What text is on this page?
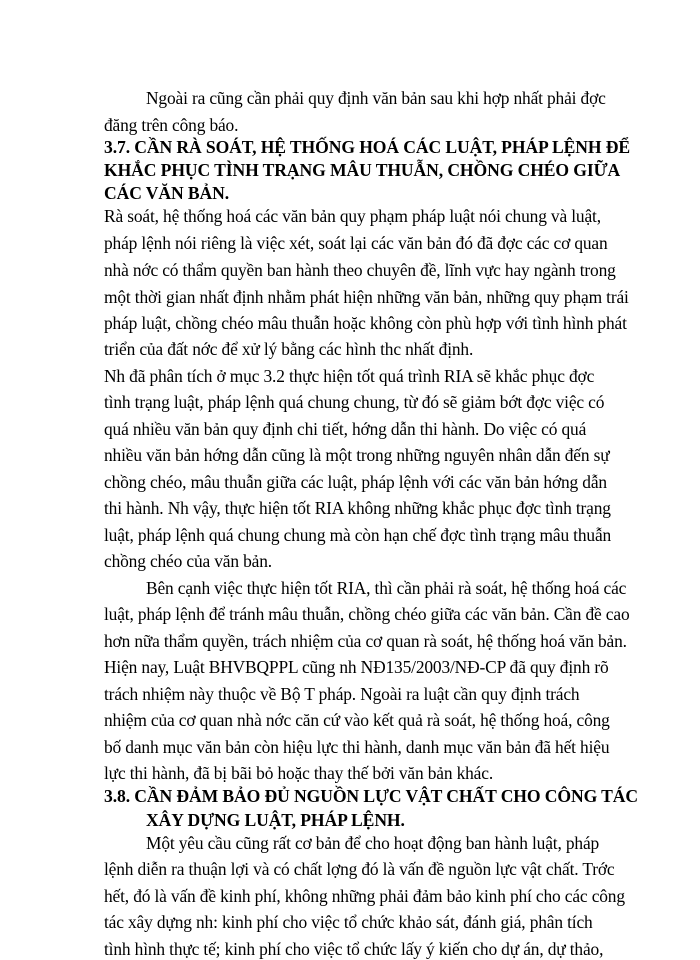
Ngoài ra cũng cần phải quy định văn bản sau khi hợp nhất phải đợc
đăng trên công báo.
3.7. CẦN RÀ SOÁT, HỆ THỐNG HOÁ CÁC LUẬT, PHÁP LỆNH ĐỂ
KHẮC PHỤC TÌNH TRẠNG MÂU THUẪN, CHỒNG CHÉO GIỮA
CÁC VĂN BẢN.
Rà soát, hệ thống hoá các văn bản quy phạm pháp luật nói chung và luật,
pháp lệnh nói riêng là việc xét, soát lại các văn bản đó đã đợc các cơ quan
nhà nớc có thẩm quyền ban hành theo chuyên đề, lĩnh vực hay ngành trong
một thời gian nhất định nhằm phát hiện những văn bản, những quy phạm trái
pháp luật, chồng chéo mâu thuẫn hoặc không còn phù hợp với tình hình phát
triển của đất nớc để xử lý bằng các hình thc nhất định.
Nh đã phân tích ở mục 3.2 thực hiện tốt quá trình RIA sẽ khắc phục đợc
tình trạng luật, pháp lệnh quá chung chung, từ đó sẽ giảm bớt đợc việc có
quá nhiều văn bản quy định chi tiết, hớng dẫn thi hành. Do việc có quá
nhiều văn bản hớng dẫn cũng là một trong những nguyên nhân dẫn đến sự
chồng chéo, mâu thuẫn giữa các luật, pháp lệnh với các văn bản hớng dẫn
thi hành. Nh vậy, thực hiện tốt RIA không những khắc phục đợc tình trạng
luật, pháp lệnh quá chung chung mà còn hạn chế đợc tình trạng mâu thuẫn
chồng chéo của văn bản.
Bên cạnh việc thực hiện tốt RIA, thì cần phải rà soát, hệ thống hoá các
luật, pháp lệnh để tránh mâu thuẫn, chồng chéo giữa các văn bản. Cần đề cao
hơn nữa thẩm quyền, trách nhiệm của cơ quan rà soát, hệ thống hoá văn bản.
Hiện nay, Luật BHVBQPPL cũng nh NĐ135/2003/NĐ-CP đã quy định rõ
trách nhiệm này thuộc về Bộ T pháp. Ngoài ra luật cần quy định trách
nhiệm của cơ quan nhà nớc căn cứ vào kết quả rà soát, hệ thống hoá, công
bố danh mục văn bản còn hiệu lực thi hành, danh mục văn bản đã hết hiệu
lực thi hành, đã bị bãi bỏ hoặc thay thế bởi văn bản khác.
3.8. CẦN ĐẢM BẢO ĐỦ NGUỒN LỰC VẬT CHẤT CHO CÔNG TÁC
XÂY DỰNG LUẬT, PHÁP LỆNH.
Một yêu cầu cũng rất cơ bản để cho hoạt động ban hành luật, pháp
lệnh diễn ra thuận lợi và có chất lợng đó là vấn đề nguồn lực vật chất. Trớc
hết, đó là vấn đề kinh phí, không những phải đảm bảo kinh phí cho các công
tác xây dựng nh: kinh phí cho việc tổ chức khảo sát, đánh giá, phân tích
tình hình thực tế; kinh phí cho việc tổ chức lấy ý kiến cho dự án, dự thảo,
